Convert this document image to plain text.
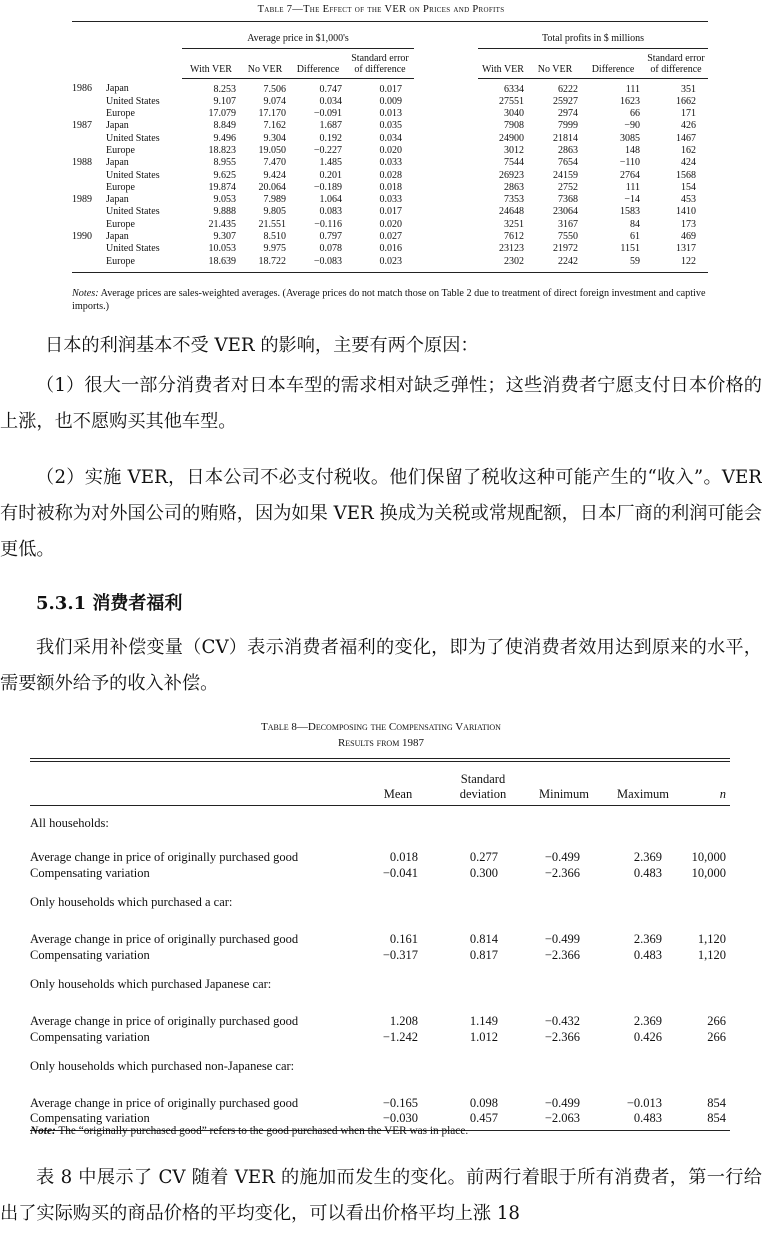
Table 7—The Effect of the VER on Prices and Profits
		Average price in $1,000's					Total profits in $ millions			
		With VER	No VER	Difference	Standard error of difference		With VER	No VER	Difference	Standard error of difference
1986	Japan	8.253	7.506	0.747	0.017		6334	6222	111	351
	United States	9.107	9.074	0.034	0.009		27551	25927	1623	1662
	Europe	17.079	17.170	−0.091	0.013		3040	2974	66	171
1987	Japan	8.849	7.162	1.687	0.035		7908	7999	−90	426
	United States	9.496	9.304	0.192	0.034		24900	21814	3085	1467
	Europe	18.823	19.050	−0.227	0.020		3012	2863	148	162
1988	Japan	8.955	7.470	1.485	0.033		7544	7654	−110	424
	United States	9.625	9.424	0.201	0.028		26923	24159	2764	1568
	Europe	19.874	20.064	−0.189	0.018		2863	2752	111	154
1989	Japan	9.053	7.989	1.064	0.033		7353	7368	−14	453
	United States	9.888	9.805	0.083	0.017		24648	23064	1583	1410
	Europe	21.435	21.551	−0.116	0.020		3251	3167	84	173
1990	Japan	9.307	8.510	0.797	0.027		7612	7550	61	469
	United States	10.053	9.975	0.078	0.016		23123	21972	1151	1317
	Europe	18.639	18.722	−0.083	0.023		2302	2242	59	122
Notes: Average prices are sales-weighted averages. (Average prices do not match those on Table 2 due to treatment of direct foreign investment and captive imports.)
日本的利润基本不受 VER 的影响，主要有两个原因：
（1）很大一部分消费者对日本车型的需求相对缺乏弹性；这些消费者宁愿支付日本价格的上涨，也不愿购买其他车型。
（2）实施 VER，日本公司不必支付税收。他们保留了税收这种可能产生的“收入”。VER 有时被称为对外国公司的贿赂，因为如果 VER 换成为关税或常规配额，日本厂商的利润可能会更低。
5.3.1 消费者福利
我们采用补偿变量（CV）表示消费者福利的变化，即为了使消费者效用达到原来的水平，需要额外给予的收入补偿。
Table 8—Decomposing the Compensating Variation
Results from 1987
	Mean	Standard deviation	Minimum	Maximum	n
All households:					

Average change in price of originally purchased good	0.018	0.277	−0.499	2.369	10,000
Compensating variation	−0.041	0.300	−2.366	0.483	10,000
Only households which purchased a car:					

Average change in price of originally purchased good	0.161	0.814	−0.499	2.369	1,120
Compensating variation	−0.317	0.817	−2.366	0.483	1,120
Only households which purchased Japanese car:					

Average change in price of originally purchased good	1.208	1.149	−0.432	2.369	266
Compensating variation	−1.242	1.012	−2.366	0.426	266
Only households which purchased non-Japanese car:					

Average change in price of originally purchased good	−0.165	0.098	−0.499	−0.013	854
Compensating variation	−0.030	0.457	−2.063	0.483	854
Note: The “originally purchased good” refers to the good purchased when the VER was in place.
表 8 中展示了 CV 随着 VER 的施加而发生的变化。前两行着眼于所有消费者，第一行给出了实际购买的商品价格的平均变化，可以看出价格平均上涨 18
